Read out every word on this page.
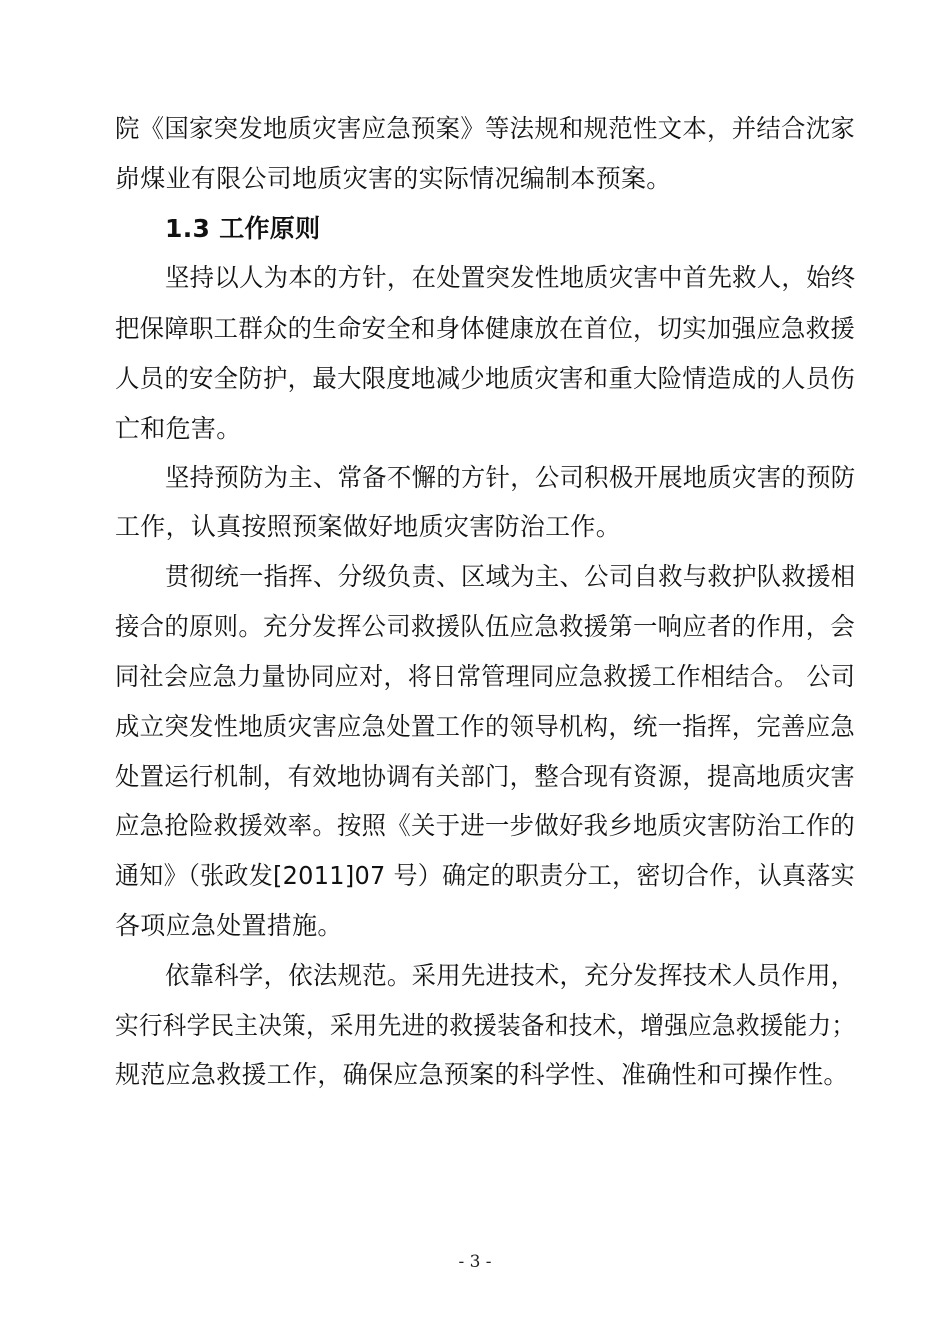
院《国家突发地质灾害应急预案》等法规和规范性文本，并结合沈家
峁煤业有限公司地质灾害的实际情况编制本预案。
1.3 工作原则
坚持以人为本的方针，在处置突发性地质灾害中首先救人，始终
把保障职工群众的生命安全和身体健康放在首位，切实加强应急救援
人员的安全防护，最大限度地减少地质灾害和重大险情造成的人员伤
亡和危害。
坚持预防为主、常备不懈的方针，公司积极开展地质灾害的预防
工作，认真按照预案做好地质灾害防治工作。
贯彻统一指挥、分级负责、区域为主、公司自救与救护队救援相
接合的原则。充分发挥公司救援队伍应急救援第一响应者的作用，会
同社会应急力量协同应对，将日常管理同应急救援工作相结合。 公司
成立突发性地质灾害应急处置工作的领导机构，统一指挥，完善应急
处置运行机制，有效地协调有关部门，整合现有资源，提高地质灾害
应急抢险救援效率。按照《关于进一步做好我乡地质灾害防治工作的
通知》（张政发[2011]07 号）确定的职责分工，密切合作，认真落实
各项应急处置措施。
依靠科学，依法规范。采用先进技术，充分发挥技术人员作用，
实行科学民主决策，采用先进的救援装备和技术，增强应急救援能力；
规范应急救援工作，确保应急预案的科学性、准确性和可操作性。
- 3 -
